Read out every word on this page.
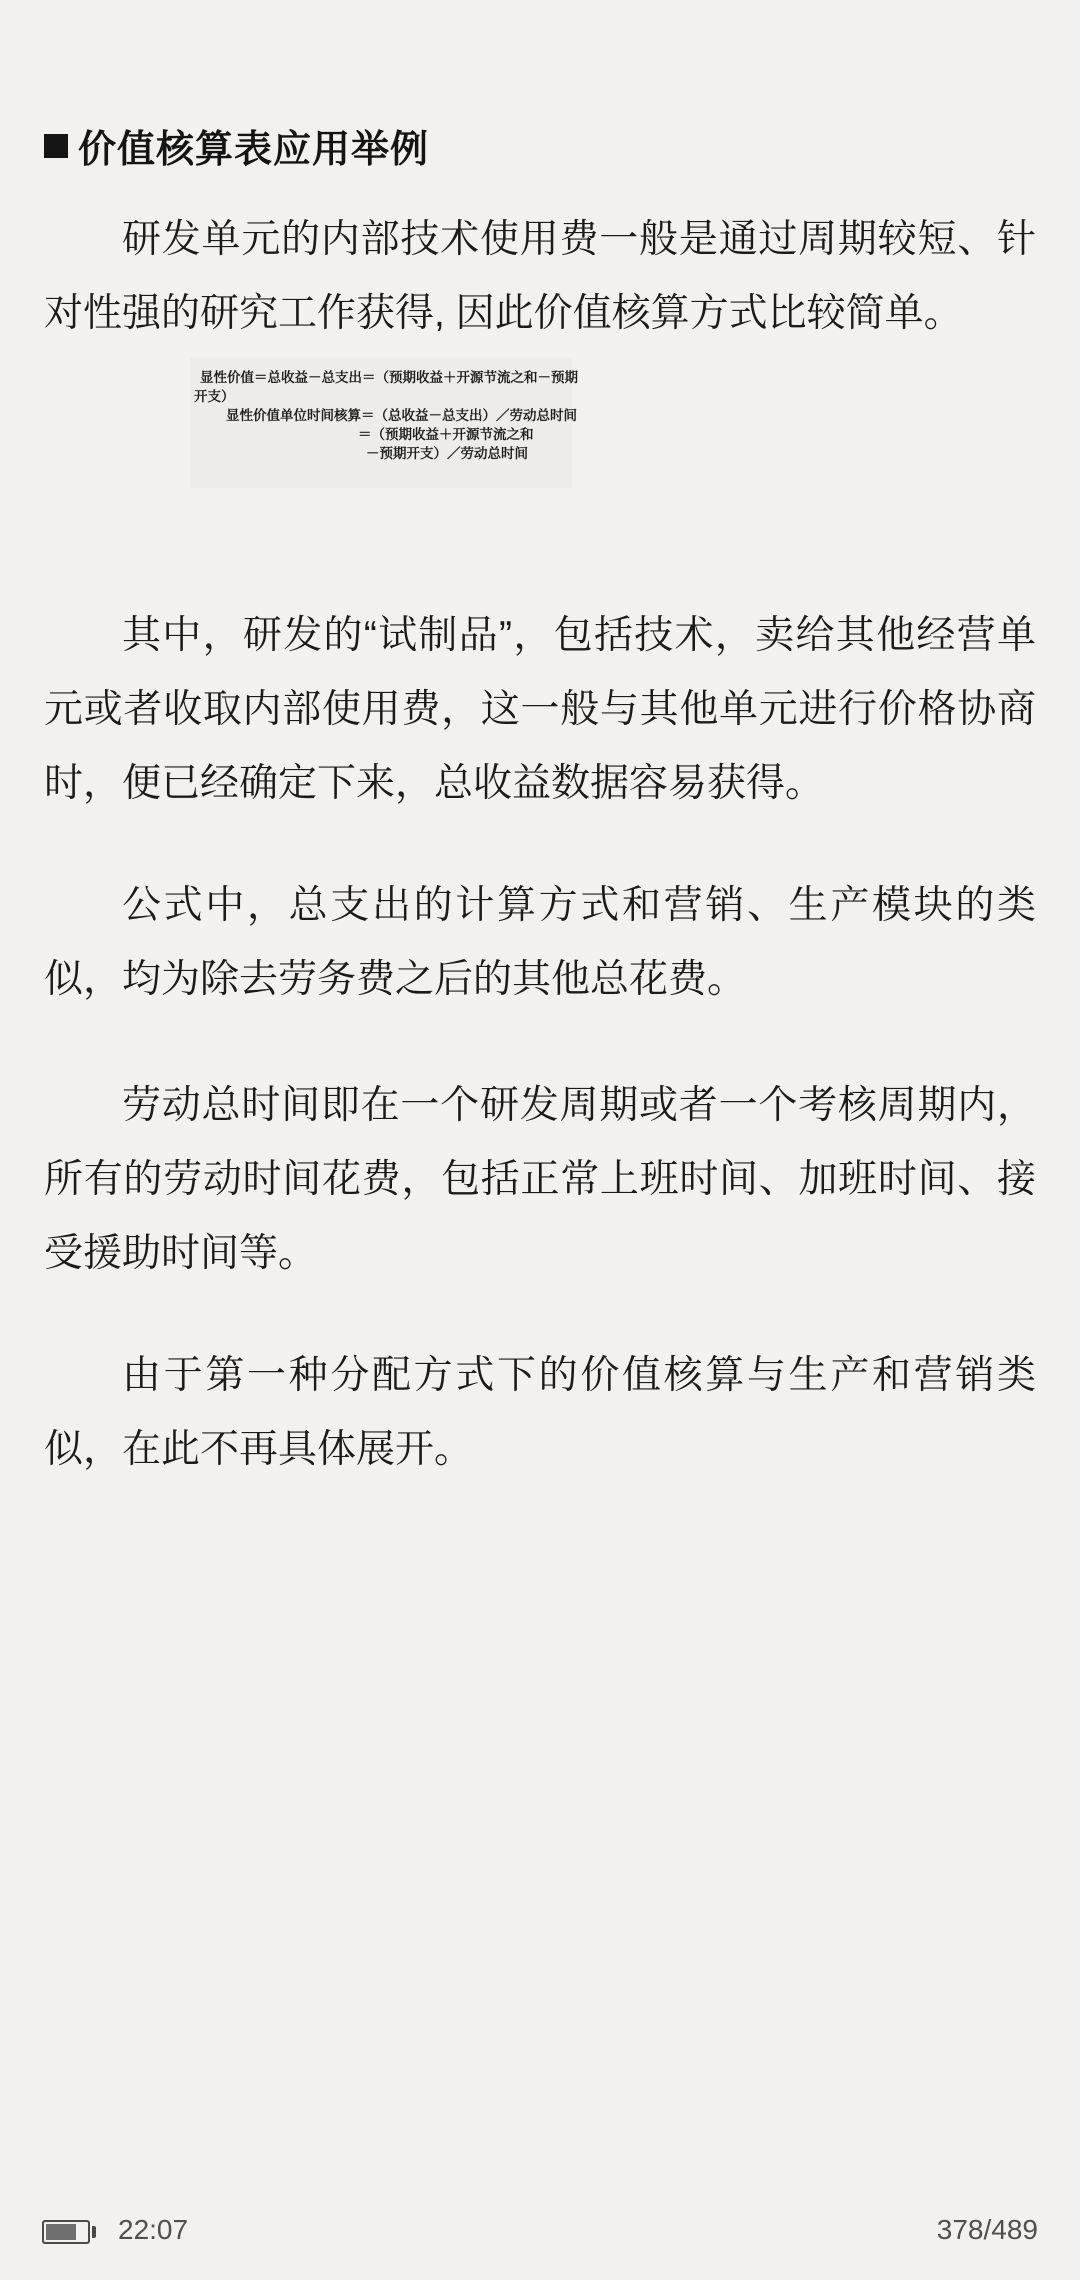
价值核算表应用举例

研发单元的内部技术使用费一般是通过周期较短、针对性强的研究工作获得, 因此价值核算方式比较简单。

显性价值＝总收益－总支出＝（预期收益＋开源节流之和－预期
开支）
显性价值单位时间核算＝（总收益－总支出）／劳动总时间
＝（预期收益＋开源节流之和
－预期开支）／劳动总时间

其中，研发的“试制品”，包括技术，卖给其他经营单元或者收取内部使用费，这一般与其他单元进行价格协商时，便已经确定下来，总收益数据容易获得。

公式中，总支出的计算方式和营销、生产模块的类似，均为除去劳务费之后的其他总花费。

劳动总时间即在一个研发周期或者一个考核周期内，所有的劳动时间花费，包括正常上班时间、加班时间、接受援助时间等。

由于第一种分配方式下的价值核算与生产和营销类似，在此不再具体展开。

22:07	378/489
